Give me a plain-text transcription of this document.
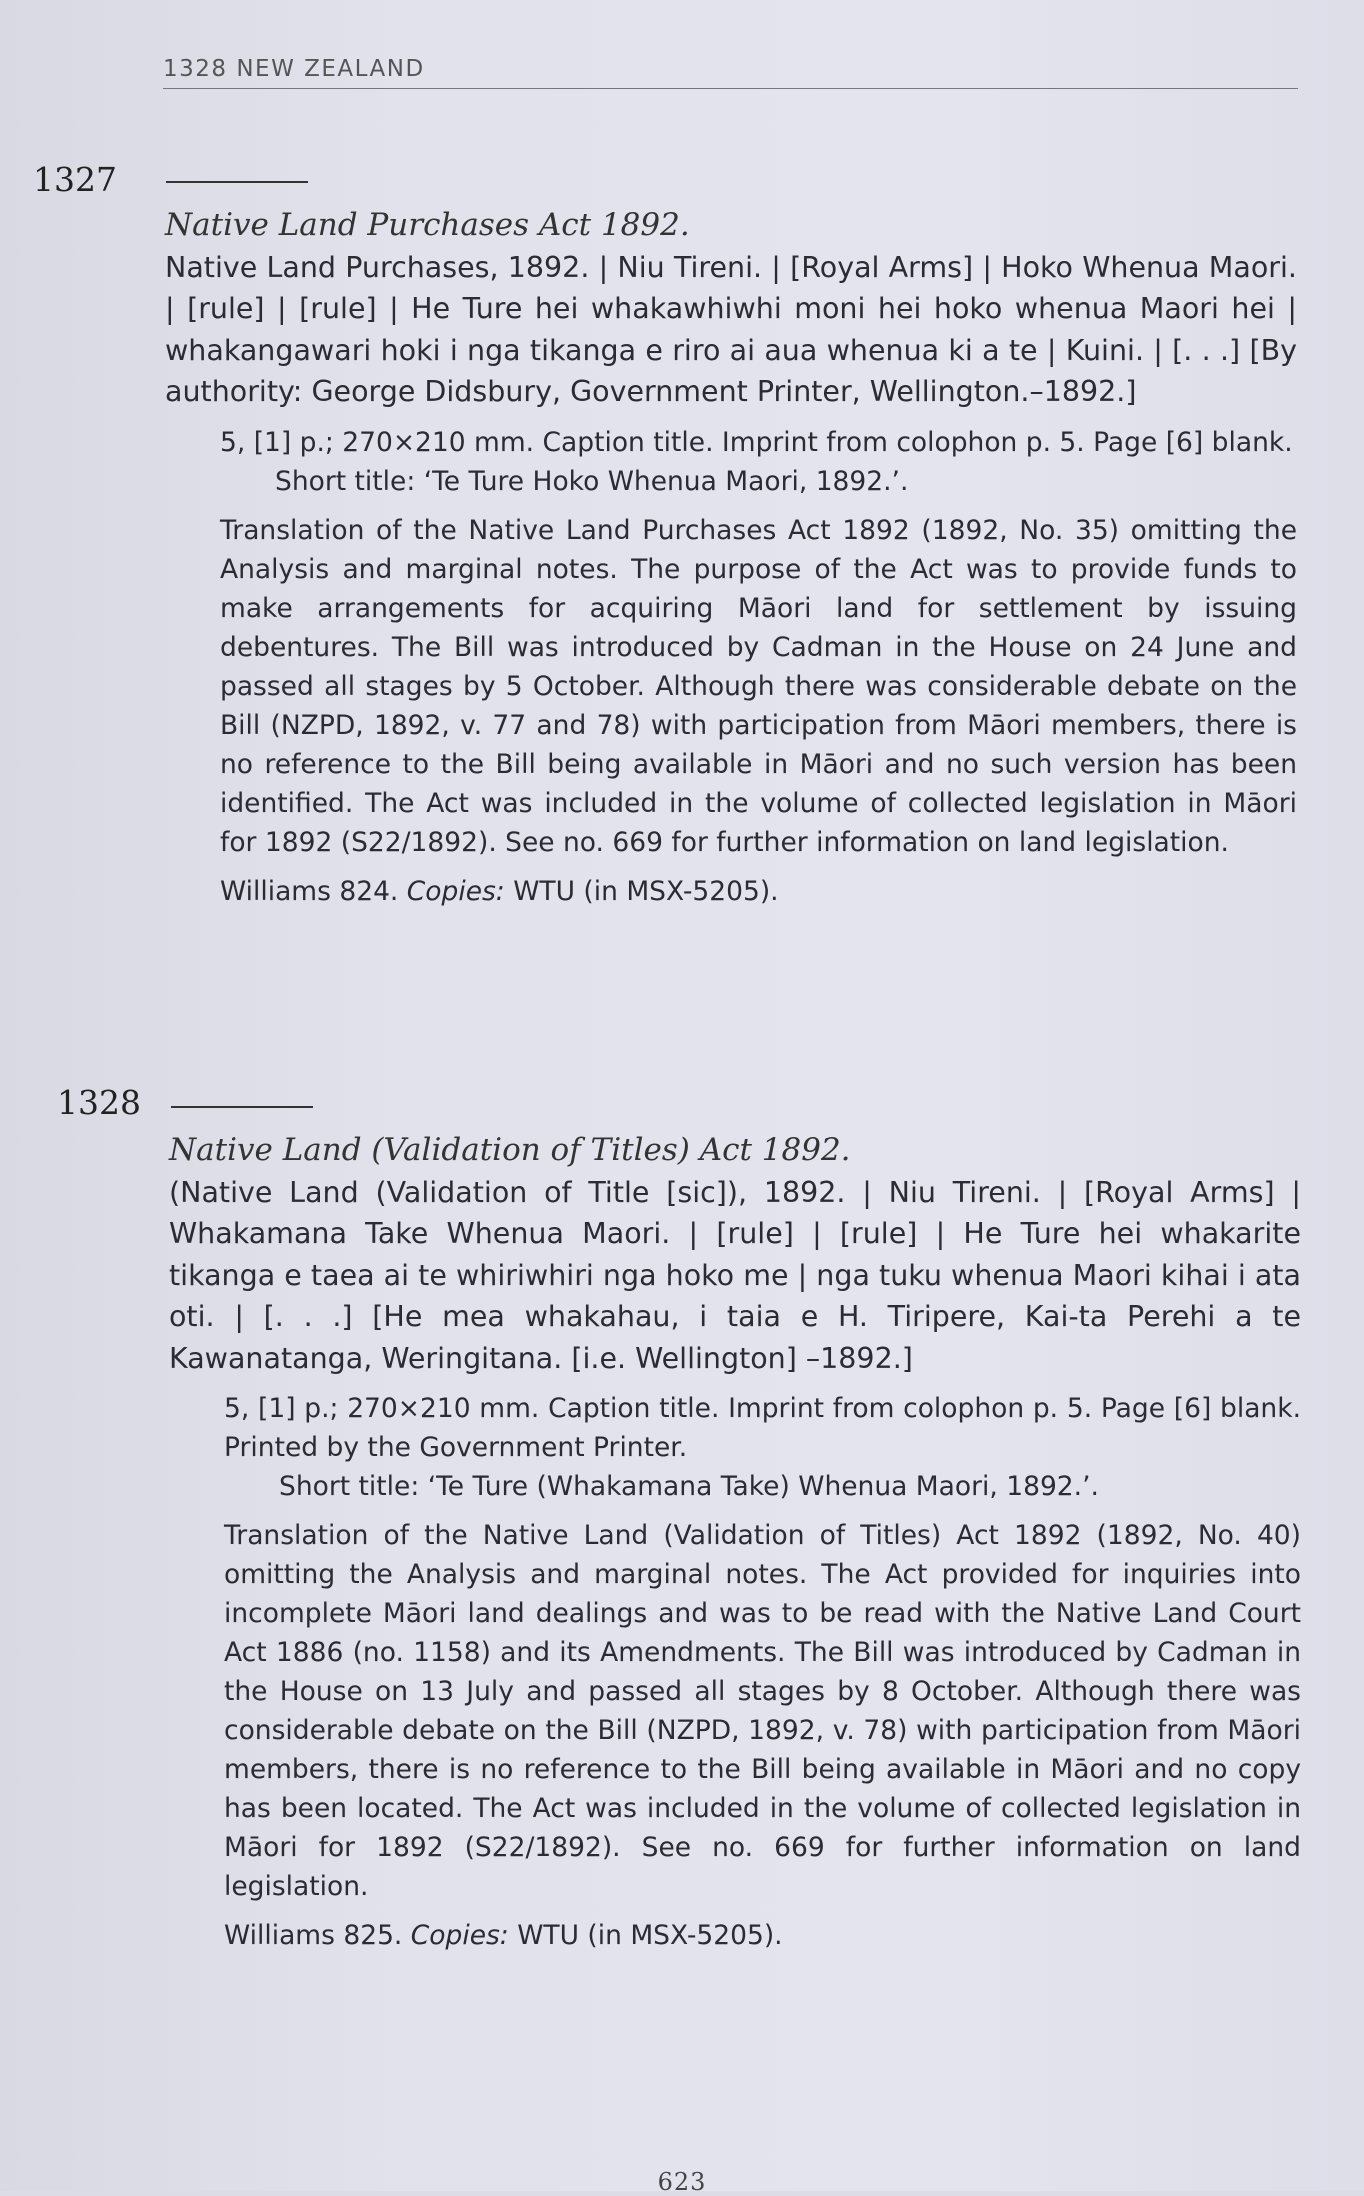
1328 NEW ZEALAND
1327
Native Land Purchases Act 1892.
Native Land Purchases, 1892. | Niu Tireni. | [Royal Arms] | Hoko Whenua Maori. | [rule] | [rule] | He Ture hei whakawhiwhi moni hei hoko whenua Maori hei | whakangawari hoki i nga tikanga e riro ai aua whenua ki a te | Kuini. | [. . .] [By authority: George Didsbury, Government Printer, Wellington.–1892.]
5, [1] p.; 270×210 mm. Caption title. Imprint from colophon p. 5. Page [6] blank.
Short title: ‘Te Ture Hoko Whenua Maori, 1892.’.
Translation of the Native Land Purchases Act 1892 (1892, No. 35) omitting the Analysis and marginal notes. The purpose of the Act was to provide funds to make arrangements for acquiring Māori land for settlement by issuing debentures. The Bill was introduced by Cadman in the House on 24 June and passed all stages by 5 October. Although there was considerable debate on the Bill (NZPD, 1892, v. 77 and 78) with participation from Māori members, there is no reference to the Bill being available in Māori and no such version has been identified. The Act was included in the volume of collected legislation in Māori for 1892 (S22/1892). See no. 669 for further information on land legislation.
Williams 824. Copies: WTU (in MSX-5205).
1328
Native Land (Validation of Titles) Act 1892.
(Native Land (Validation of Title [sic]), 1892. | Niu Tireni. | [Royal Arms] | Whakamana Take Whenua Maori. | [rule] | [rule] | He Ture hei whakarite tikanga e taea ai te whiriwhiri nga hoko me | nga tuku whenua Maori kihai i ata oti. | [. . .] [He mea whakahau, i taia e H. Tiripere, Kai-ta Perehi a te Kawanatanga, Weringitana. [i.e. Wellington] –1892.]
5, [1] p.; 270×210 mm. Caption title. Imprint from colophon p. 5. Page [6] blank. Printed by the Government Printer.
Short title: ‘Te Ture (Whakamana Take) Whenua Maori, 1892.’.
Translation of the Native Land (Validation of Titles) Act 1892 (1892, No. 40) omitting the Analysis and marginal notes. The Act provided for inquiries into incomplete Māori land dealings and was to be read with the Native Land Court Act 1886 (no. 1158) and its Amendments. The Bill was introduced by Cadman in the House on 13 July and passed all stages by 8 October. Although there was considerable debate on the Bill (NZPD, 1892, v. 78) with participation from Māori members, there is no reference to the Bill being available in Māori and no copy has been located. The Act was included in the volume of collected legislation in Māori for 1892 (S22/1892). See no. 669 for further information on land legislation.
Williams 825. Copies: WTU (in MSX-5205).
623
